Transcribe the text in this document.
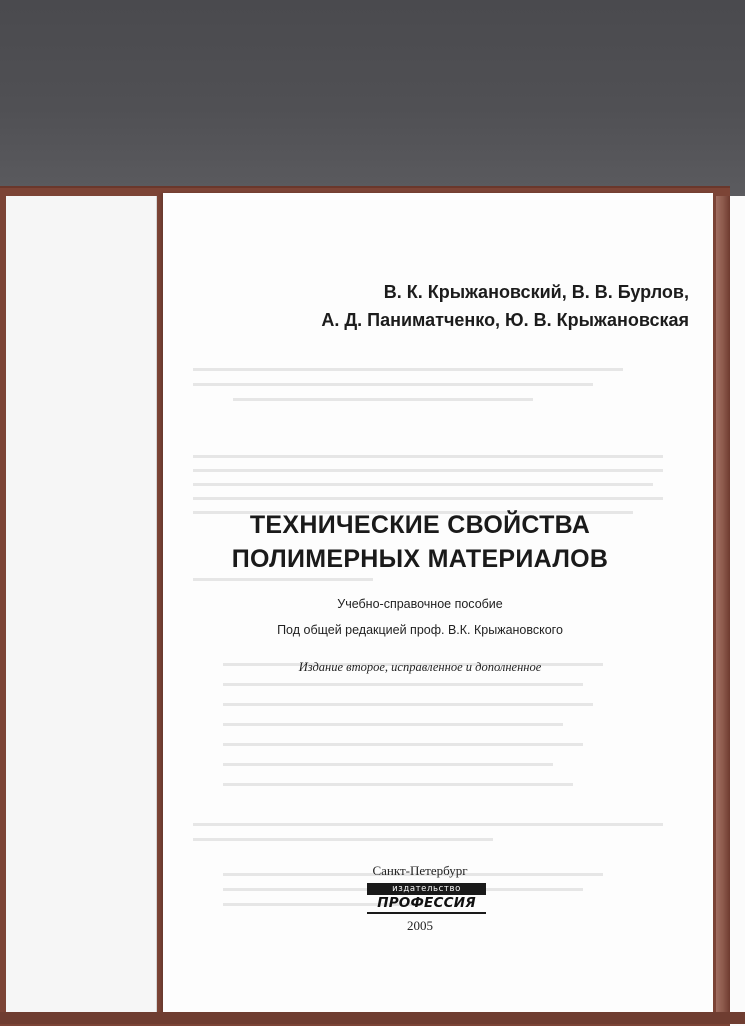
В. К. Крыжановский, В. В. Бурлов,
А. Д. Паниматченко, Ю. В. Крыжановская
ТЕХНИЧЕСКИЕ СВОЙСТВА
ПОЛИМЕРНЫХ МАТЕРИАЛОВ
Учебно-справочное пособие
Под общей редакцией проф. В.К. Крыжановского
Издание второе, исправленное и дополненное
Санкт-Петербург
издательство
ПРОФЕССИЯ
2005
